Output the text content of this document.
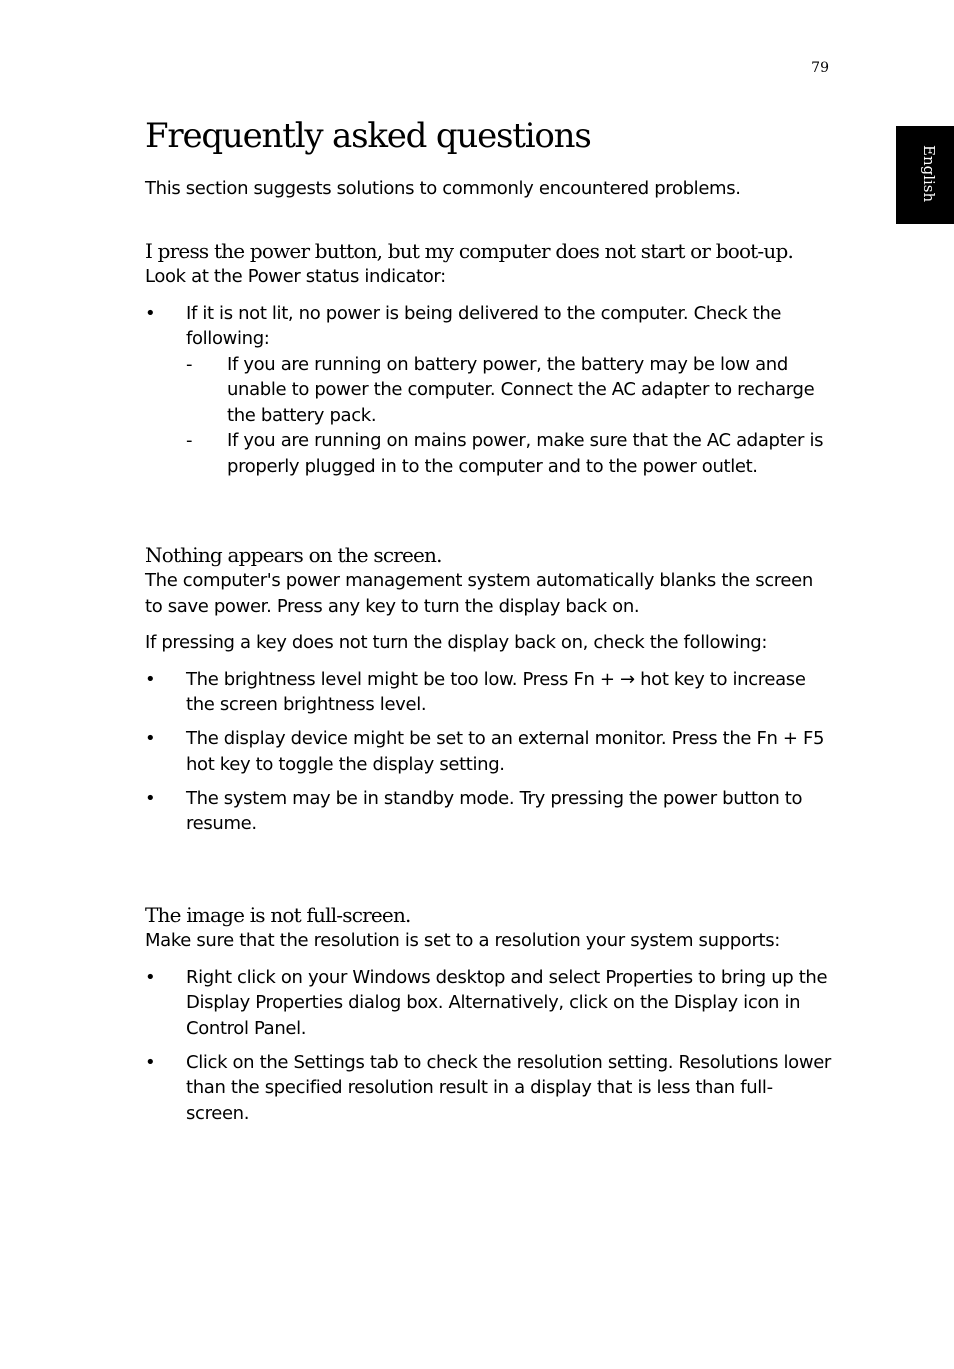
79
English
Frequently asked questions

This section suggests solutions to commonly encountered problems.

I press the power button, but my computer does not start or boot-up.

Look at the Power status indicator:

• If it is not lit, no power is being delivered to the computer. Check the following:
- If you are running on battery power, the battery may be low and unable to power the computer. Connect the AC adapter to recharge the battery pack.
- If you are running on mains power, make sure that the AC adapter is properly plugged in to the computer and to the power outlet.
Nothing appears on the screen.

The computer's power management system automatically blanks the screen to save power. Press any key to turn the display back on.

If pressing a key does not turn the display back on, check the following:

• The brightness level might be too low. Press Fn + → hot key to increase the screen brightness level.
• The display device might be set to an external monitor. Press the Fn + F5 hot key to toggle the display setting.
• The system may be in standby mode. Try pressing the power button to resume.
The image is not full-screen.

Make sure that the resolution is set to a resolution your system supports:

• Right click on your Windows desktop and select Properties to bring up the Display Properties dialog box. Alternatively, click on the Display icon in Control Panel.
• Click on the Settings tab to check the resolution setting. Resolutions lower than the specified resolution result in a display that is less than full-screen.
